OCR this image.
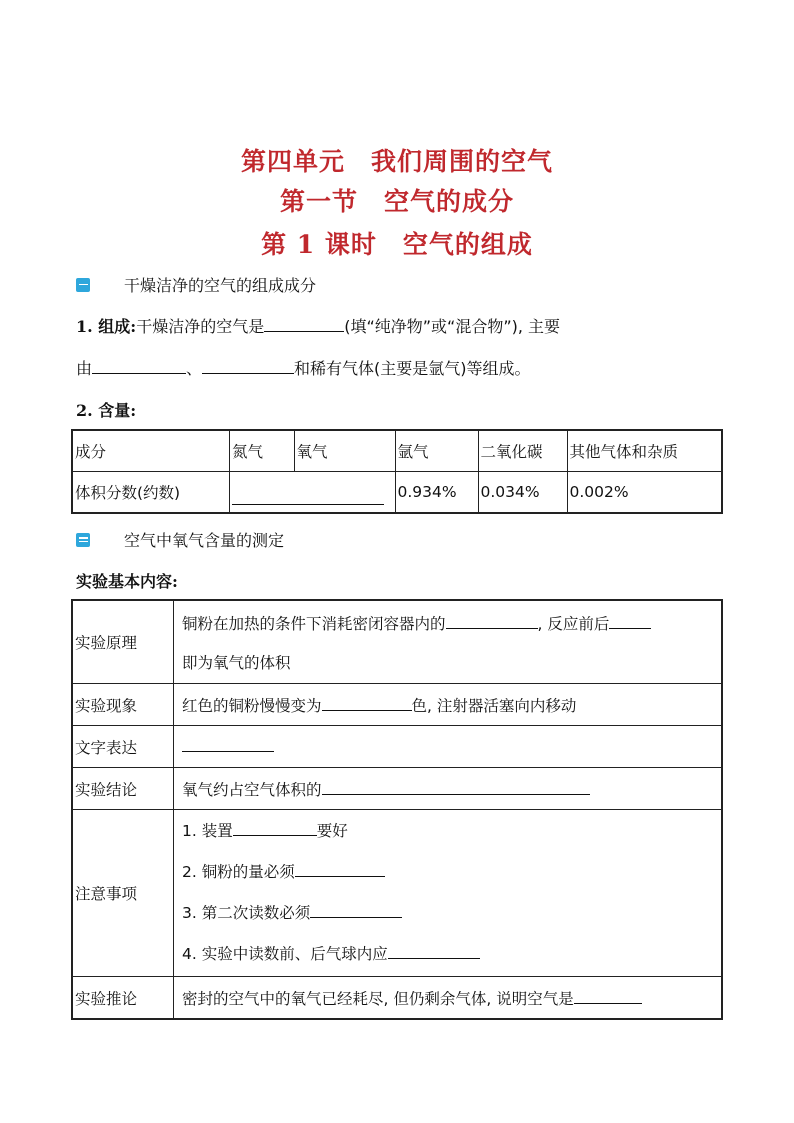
第四单元　我们周围的空气
第一节　空气的成分
第 1 课时　空气的组成
干燥洁净的空气的组成成分
1. 组成:干燥洁净的空气是	(填“纯净物”或“混合物”), 主要
由	、	和稀有气体(主要是氩气)等组成。
2. 含量:
成分	氮气	氧气	氩气	二氧化碳	其他气体和杂质
体积分数(约数)			0.934%	0.034%	0.002%
空气中氧气含量的测定
实验基本内容:
实验原理	铜粉在加热的条件下消耗密闭容器内的 , 反应前后
即为氧气的体积

实验现象	红色的铜粉慢慢变为 色, 注射器活塞向内移动
文字表达	
实验结论	氧气约占空气体积的
注意事项	1. 装置 要好
2. 铜粉的量必须
3. 第二次读数必须
4. 实验中读数前、后气球内应

实验推论	密封的空气中的氧气已经耗尽, 但仍剩余气体, 说明空气是
